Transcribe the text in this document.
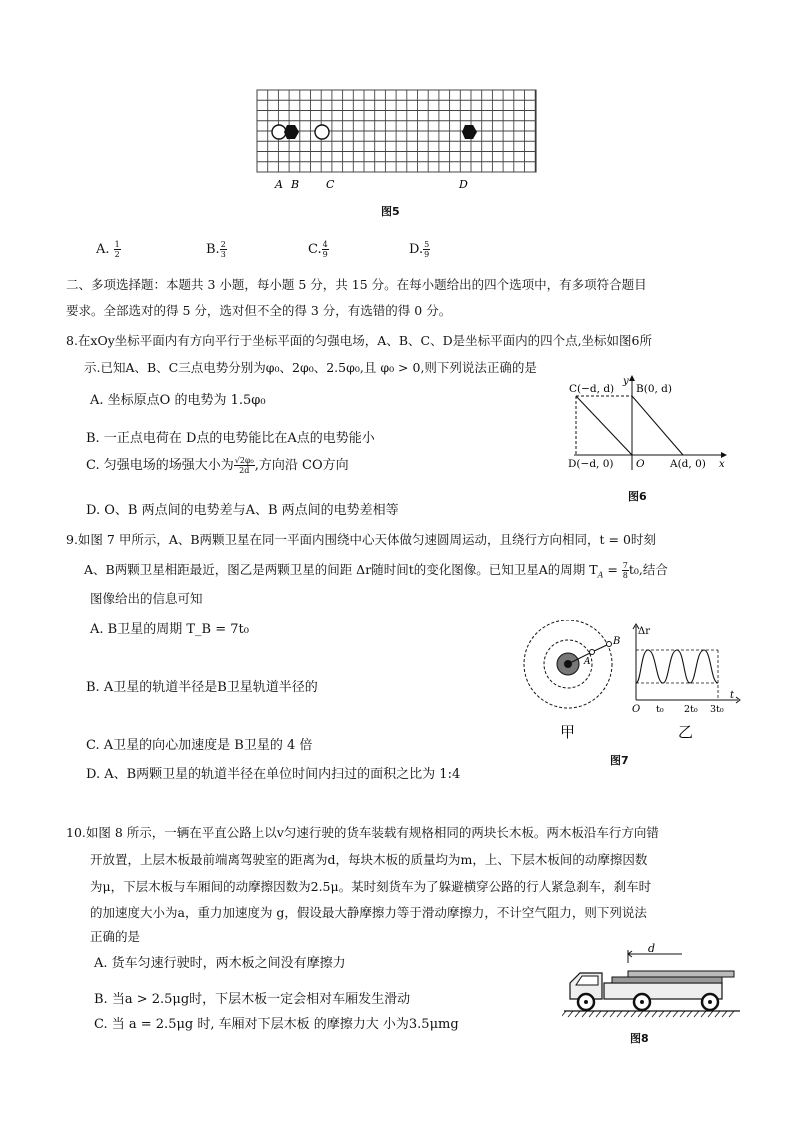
A B C	D
图5
A. $\frac{1}{2}$	B. $\frac{2}{3}$	C. $\frac{4}{9}$	D. $\frac{5}{9}$
二、多项选择题：本题共 3 小题，每小题 5 分，共 15 分。在每小题给出的四个选项中，有多项符合题目
要求。全部选对的得 5 分，选对但不全的得 3 分，有选错的得 0 分。
8.在xOy坐标平面内有方向平行于坐标平面的匀强电场，A、B、C、D是坐标平面内的四个点,坐标如图6所
示.已知A、B、C三点电势分别为φ₀、2φ₀、2.5φ₀,且 φ₀ > 0,则下列说法正确的是
A. 坐标原点O 的电势为 1.5φ₀
B. 一正点电荷在 D点的电势能比在A点的电势能小
C. 匀强电场的场强大小为 $\frac{\text{√2φ₀}}{2d}$ ,方向沿 CO方向
D. O、B 两点间的电势差与A、B 两点间的电势差相等
C(−d, d) B(0, d)
y
D(−d, 0) O A(d, 0) x
图6
9.如图 7 甲所示，A、B两颗卫星在同一平面内围绕中心天体做匀速圆周运动，且绕行方向相同，t = 0时刻
A、B两颗卫星相距最近，图乙是两颗卫星的间距 Δr随时间t的变化图像。已知卫星A的周期 $T_A = \frac{7}{8} t_0$,结合
图像给出的信息可知
A. B卫星的周期 T_B = 7t₀
B. A卫星的轨道半径是B卫星轨道半径的
C. A卫星的向心加速度是 B卫星的 4 倍
D. A、B两颗卫星的轨道半径在单位时间内扫过的面积之比为 1:4
A
B
Δr
t
O t₀ 2t₀ 3t₀
甲	乙
图7
10.如图 8 所示，一辆在平直公路上以v匀速行驶的货车装载有规格相同的两块长木板。两木板沿车行方向错
开放置，上层木板最前端离驾驶室的距离为d，每块木板的质量均为m，上、下层木板间的动摩擦因数
为μ，下层木板与车厢间的动摩擦因数为2.5μ。某时刻货车为了躲避横穿公路的行人紧急刹车，刹车时
的加速度大小为a，重力加速度为 g，假设最大静摩擦力等于滑动摩擦力，不计空气阻力，则下列说法
正确的是
A. 货车匀速行驶时，两木板之间没有摩擦力
B. 当a > 2.5μg时，下层木板一定会相对车厢发生滑动
C. 当 a = 2.5μg 时, 车厢对下层木板 的摩擦力大 小为3.5μmg
d
图8
